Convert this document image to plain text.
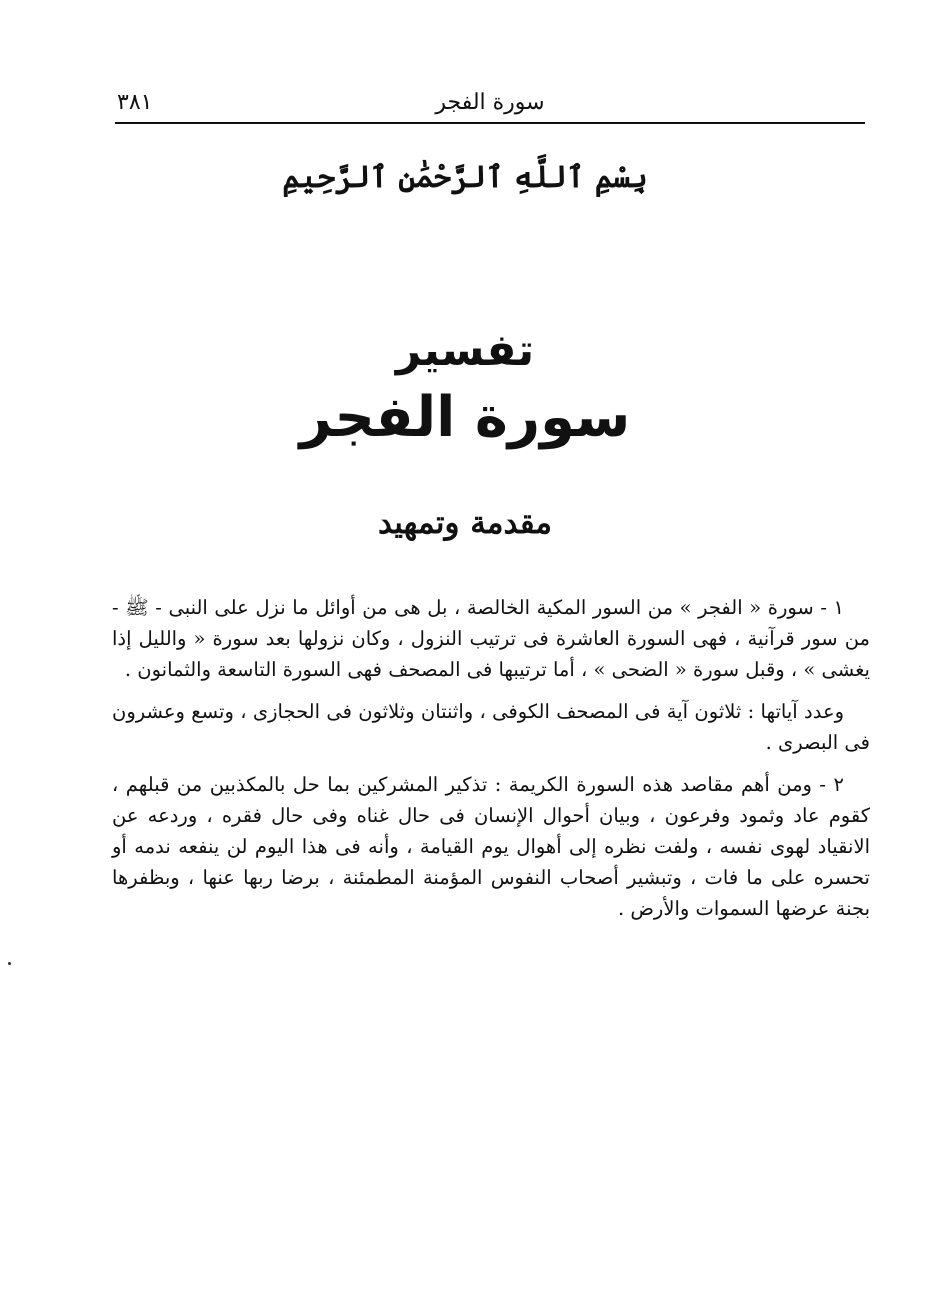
سورة الفجر
٣٨١
بِسْمِ ٱللَّهِ ٱلرَّحْمَٰنِ ٱلرَّحِيمِ
تفسير
سورة الفجر
مقدمة وتمهيد

١ - سورة « الفجر » من السور المكية الخالصة ، بل هى من أوائل ما نزل على النبى - ﷺ - من سور قرآنية ، فهى السورة العاشرة فى ترتيب النزول ، وكان نزولها بعد سورة « والليل إذا يغشى » ، وقبل سورة « الضحى » ، أما ترتيبها فى المصحف فهى السورة التاسعة والثمانون .

وعدد آياتها : ثلاثون آية فى المصحف الكوفى ، واثنتان وثلاثون فى الحجازى ، وتسع وعشرون فى البصرى .

٢ - ومن أهم مقاصد هذه السورة الكريمة : تذكير المشركين بما حل بالمكذبين من قبلهم ، كقوم عاد وثمود وفرعون ، وبيان أحوال الإنسان فى حال غناه وفى حال فقره ، وردعه عن الانقياد لهوى نفسه ، ولفت نظره إلى أهوال يوم القيامة ، وأنه فى هذا اليوم لن ينفعه ندمه أو تحسره على ما فات ، وتبشير أصحاب النفوس المؤمنة المطمئنة ، برضا ربها عنها ، وبظفرها بجنة عرضها السموات والأرض .
